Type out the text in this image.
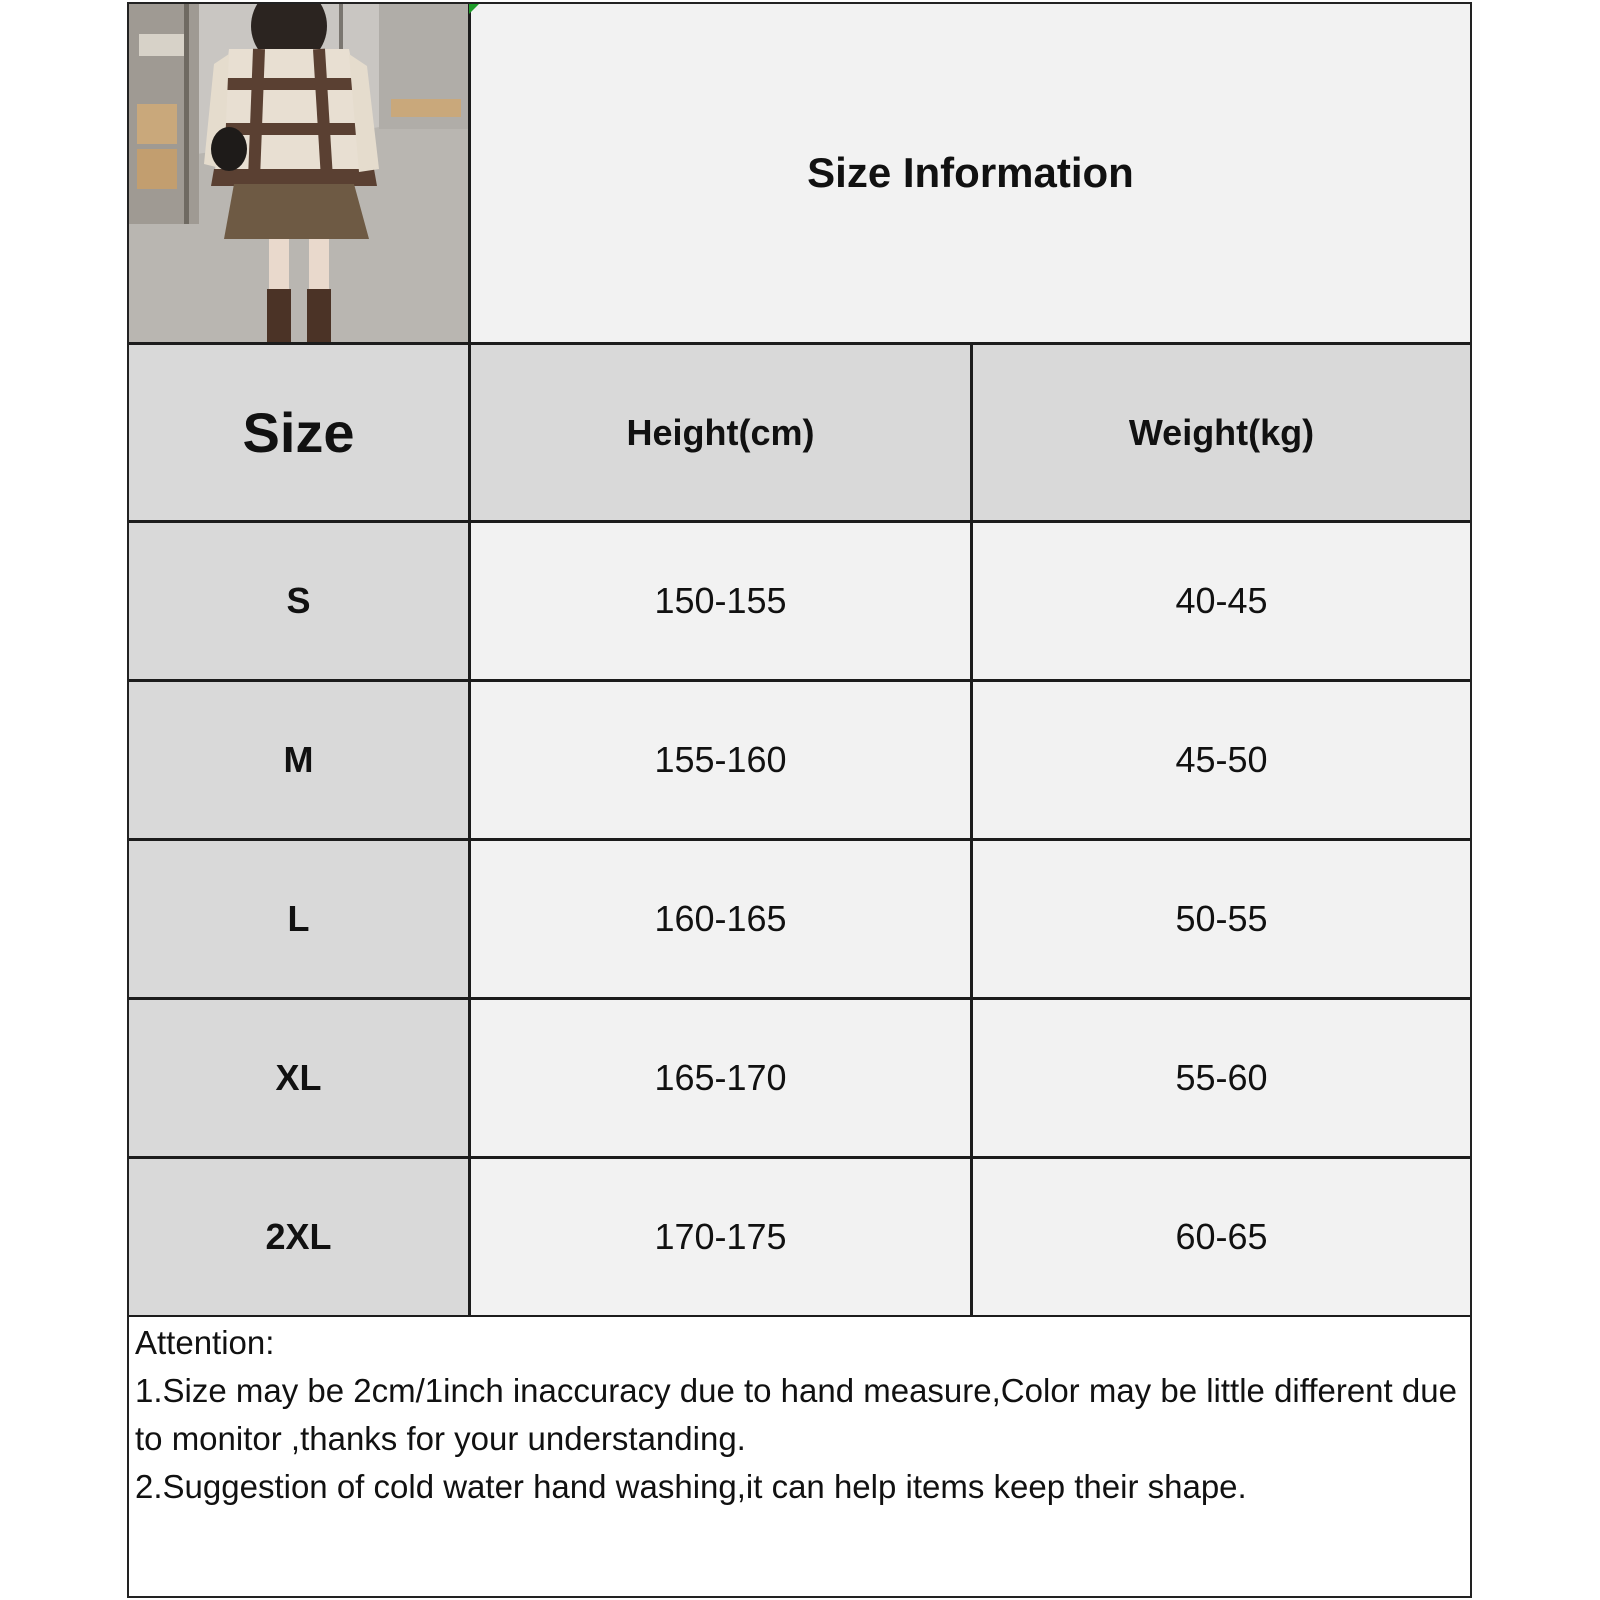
Size Information
Size	Height(cm)	Weight(kg)
S	150-155	40-45
M	155-160	45-50
L	160-165	50-55
XL	165-170	55-60
2XL	170-175	60-65
Attention:
1.Size may be 2cm/1inch inaccuracy due to hand measure,Color may be little different due to monitor ,thanks for your understanding.
2.Suggestion of cold water hand washing,it can help items keep their shape.
